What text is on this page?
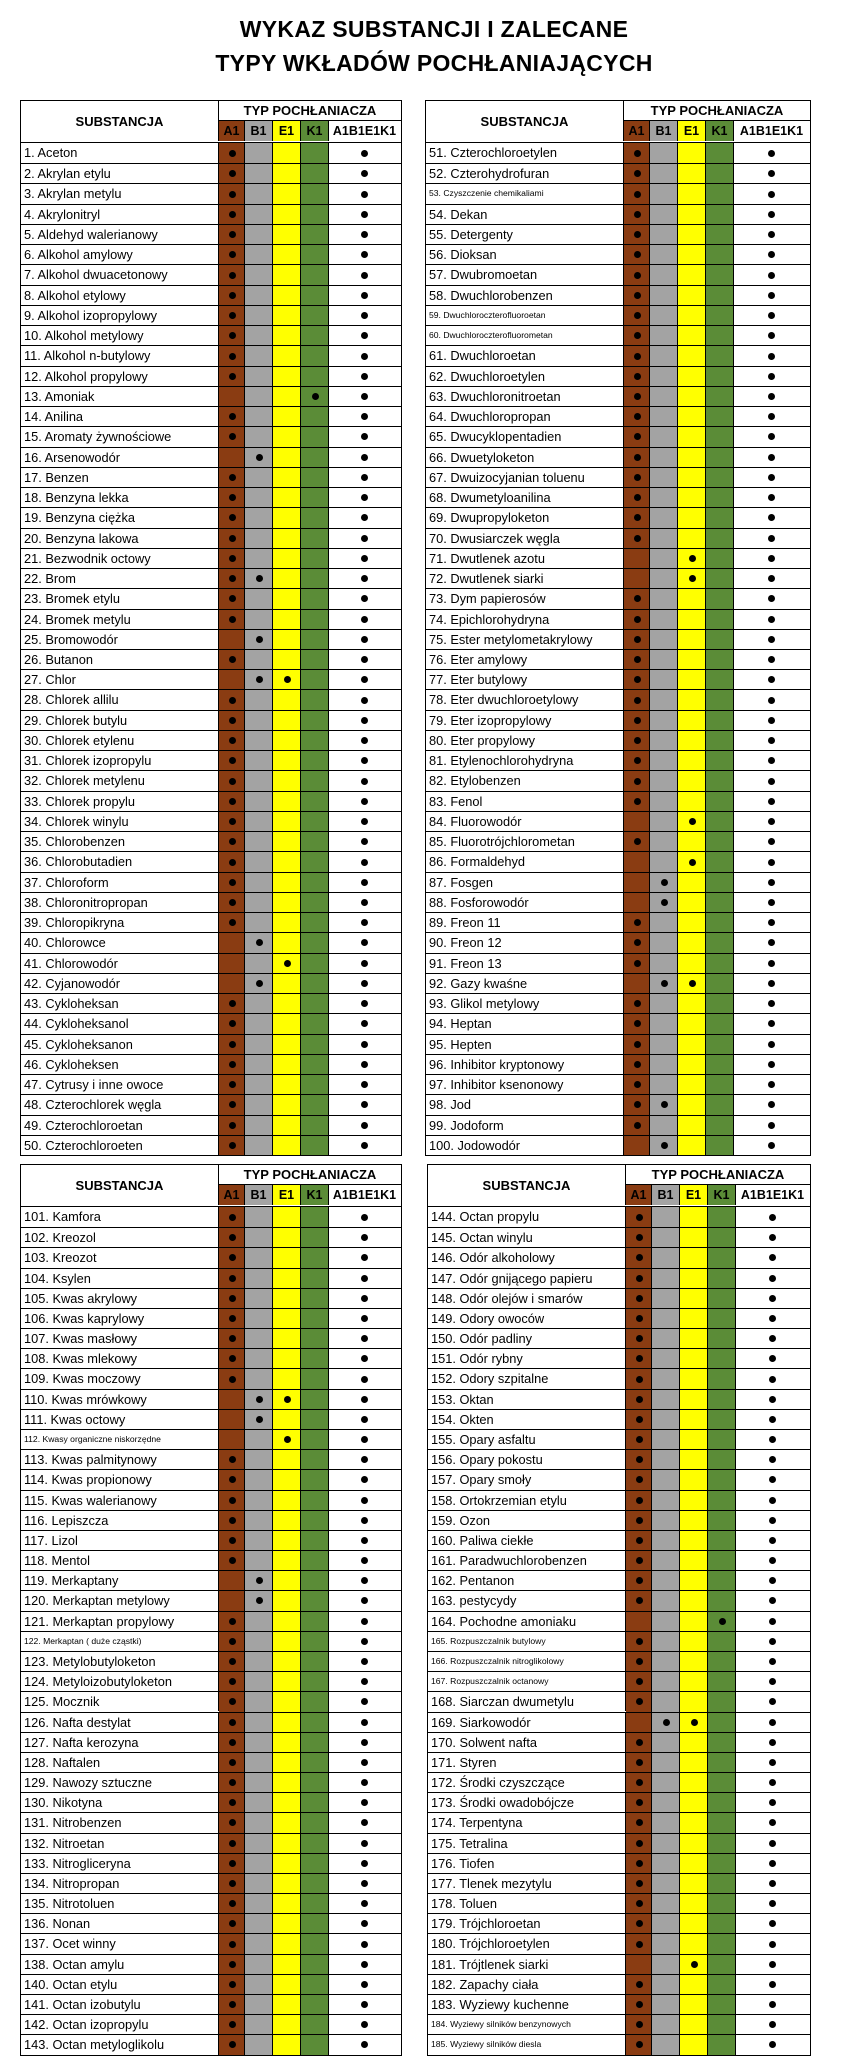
WYKAZ SUBSTANCJI I ZALECANE
TYPY WKŁADÓW POCHŁANIAJĄCYCH
SUBSTANCJA
TYP POCHŁANIACZA
A1 B1 E1 K1 A1B1E1K1
1. Aceton
2. Akrylan etylu
3. Akrylan metylu
4. Akrylonitryl
5. Aldehyd walerianowy
6. Alkohol amylowy
7. Alkohol dwuacetonowy
8. Alkohol etylowy
9. Alkohol izopropylowy
10. Alkohol metylowy
11. Alkohol n-butylowy
12. Alkohol propylowy
13. Amoniak
14. Anilina
15. Aromaty żywnościowe
16. Arsenowodór
17. Benzen
18. Benzyna lekka
19. Benzyna ciężka
20. Benzyna lakowa
21. Bezwodnik octowy
22. Brom
23. Bromek etylu
24. Bromek metylu
25. Bromowodór
26. Butanon
27. Chlor
28. Chlorek allilu
29. Chlorek butylu
30. Chlorek etylenu
31. Chlorek izopropylu
32. Chlorek metylenu
33. Chlorek propylu
34. Chlorek winylu
35. Chlorobenzen
36. Chlorobutadien
37. Chloroform
38. Chloronitropropan
39. Chloropikryna
40. Chlorowce
41. Chlorowodór
42. Cyjanowodór
43. Cykloheksan
44. Cykloheksanol
45. Cykloheksanon
46. Cykloheksen
47. Cytrusy i inne owoce
48. Czterochlorek węgla
49. Czterochloroetan
50. Czterochloroeten
SUBSTANCJA
TYP POCHŁANIACZA
A1 B1 E1 K1 A1B1E1K1
51. Czterochloroetylen
52. Czterohydrofuran
53. Czyszczenie chemikaliami
54. Dekan
55. Detergenty
56. Dioksan
57. Dwubromoetan
58. Dwuchlorobenzen
59. Dwuchloroczterofluoroetan
60. Dwuchloroczterofluorometan
61. Dwuchloroetan
62. Dwuchloroetylen
63. Dwuchloronitroetan
64. Dwuchloropropan
65. Dwucyklopentadien
66. Dwuetyloketon
67. Dwuizocyjanian toluenu
68. Dwumetyloanilina
69. Dwupropyloketon
70. Dwusiarczek węgla
71. Dwutlenek azotu
72. Dwutlenek siarki
73. Dym papierosów
74. Epichlorohydryna
75. Ester metylometakrylowy
76. Eter amylowy
77. Eter butylowy
78. Eter dwuchloroetylowy
79. Eter izopropylowy
80. Eter propylowy
81. Etylenochlorohydryna
82. Etylobenzen
83. Fenol
84. Fluorowodór
85. Fluorotrójchlorometan
86. Formaldehyd
87. Fosgen
88. Fosforowodór
89. Freon 11
90. Freon 12
91. Freon 13
92. Gazy kwaśne
93. Glikol metylowy
94. Heptan
95. Hepten
96. Inhibitor kryptonowy
97. Inhibitor ksenonowy
98. Jod
99. Jodoform
100. Jodowodór
SUBSTANCJA
TYP POCHŁANIACZA
A1 B1 E1 K1 A1B1E1K1
101. Kamfora
102. Kreozol
103. Kreozot
104. Ksylen
105. Kwas akrylowy
106. Kwas kaprylowy
107. Kwas masłowy
108. Kwas mlekowy
109. Kwas moczowy
110. Kwas mrówkowy
111. Kwas octowy
112. Kwasy organiczne niskorzędne
113. Kwas palmitynowy
114. Kwas propionowy
115. Kwas walerianowy
116. Lepiszcza
117. Lizol
118. Mentol
119. Merkaptany
120. Merkaptan metylowy
121. Merkaptan propylowy
122. Merkaptan ( duże cząstki)
123. Metylobutyloketon
124. Metyloizobutyloketon
125. Mocznik
126. Nafta destylat
127. Nafta kerozyna
128. Naftalen
129. Nawozy sztuczne
130. Nikotyna
131. Nitrobenzen
132. Nitroetan
133. Nitrogliceryna
134. Nitropropan
135. Nitrotoluen
136. Nonan
137. Ocet winny
138. Octan amylu
140. Octan etylu
141. Octan izobutylu
142. Octan izopropylu
143. Octan metyloglikolu
SUBSTANCJA
TYP POCHŁANIACZA
A1 B1 E1 K1 A1B1E1K1
144. Octan propylu
145. Octan winylu
146. Odór alkoholowy
147. Odór gnijącego papieru
148. Odór olejów i smarów
149. Odory owoców
150. Odór padliny
151. Odór rybny
152. Odory szpitalne
153. Oktan
154. Okten
155. Opary asfaltu
156. Opary pokostu
157. Opary smoły
158. Ortokrzemian etylu
159. Ozon
160. Paliwa ciekłe
161. Paradwuchlorobenzen
162. Pentanon
163. pestycydy
164. Pochodne amoniaku
165. Rozpuszczalnik butylowy
166. Rozpuszczalnik nitroglikolowy
167. Rozpuszczalnik octanowy
168. Siarczan dwumetylu
169. Siarkowodór
170. Solwent nafta
171. Styren
172. Środki czyszczące
173. Środki owadobójcze
174. Terpentyna
175. Tetralina
176. Tiofen
177. Tlenek mezytylu
178. Toluen
179. Trójchloroetan
180. Trójchloroetylen
181. Trójtlenek siarki
182. Zapachy ciała
183. Wyziewy kuchenne
184. Wyziewy silników benzynowych
185. Wyziewy silników diesla
